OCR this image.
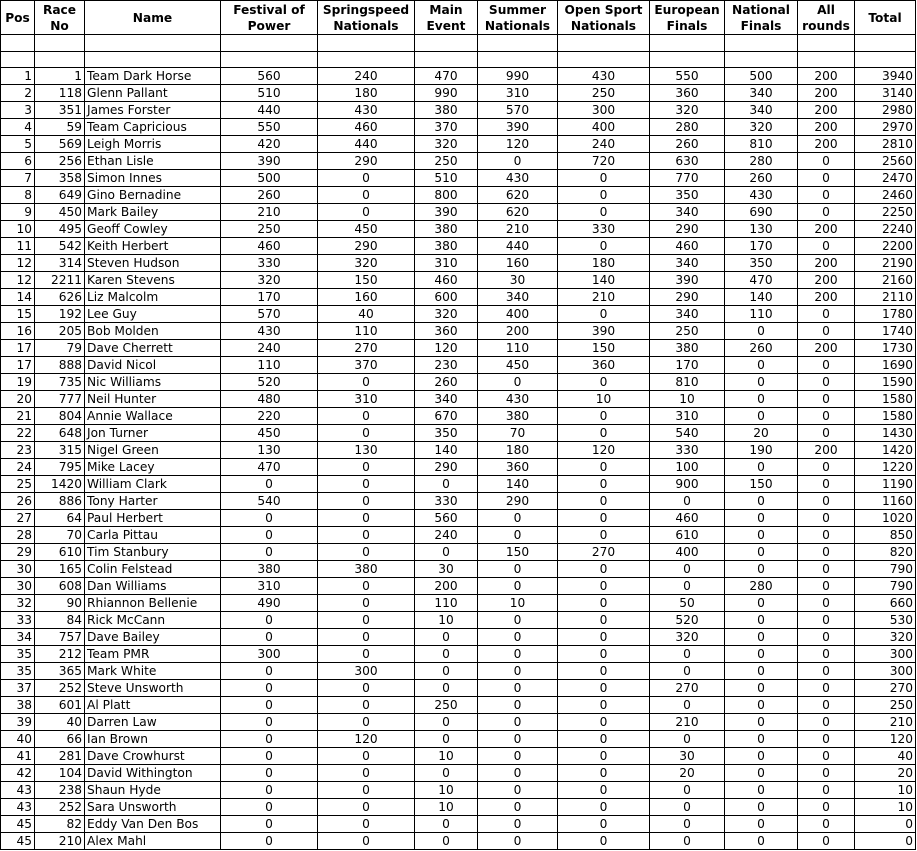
Pos	Race No	Name	Festival of Power	Springspeed Nationals	Main Event	Summer Nationals	Open Sport Nationals	European Finals	National Finals	All rounds	Total

1	1	Team Dark Horse	560	240	470	990	430	550	500	200	3940
2	118	Glenn Pallant	510	180	990	310	250	360	340	200	3140
3	351	James Forster	440	430	380	570	300	320	340	200	2980
4	59	Team Capricious	550	460	370	390	400	280	320	200	2970
5	569	Leigh Morris	420	440	320	120	240	260	810	200	2810
6	256	Ethan Lisle	390	290	250	0	720	630	280	0	2560
7	358	Simon Innes	500	0	510	430	0	770	260	0	2470
8	649	Gino Bernadine	260	0	800	620	0	350	430	0	2460
9	450	Mark Bailey	210	0	390	620	0	340	690	0	2250
10	495	Geoff Cowley	250	450	380	210	330	290	130	200	2240
11	542	Keith Herbert	460	290	380	440	0	460	170	0	2200
12	314	Steven Hudson	330	320	310	160	180	340	350	200	2190
12	2211	Karen Stevens	320	150	460	30	140	390	470	200	2160
14	626	Liz Malcolm	170	160	600	340	210	290	140	200	2110
15	192	Lee Guy	570	40	320	400	0	340	110	0	1780
16	205	Bob Molden	430	110	360	200	390	250	0	0	1740
17	79	Dave Cherrett	240	270	120	110	150	380	260	200	1730
17	888	David Nicol	110	370	230	450	360	170	0	0	1690
19	735	Nic Williams	520	0	260	0	0	810	0	0	1590
20	777	Neil Hunter	480	310	340	430	10	10	0	0	1580
21	804	Annie Wallace	220	0	670	380	0	310	0	0	1580
22	648	Jon Turner	450	0	350	70	0	540	20	0	1430
23	315	Nigel Green	130	130	140	180	120	330	190	200	1420
24	795	Mike Lacey	470	0	290	360	0	100	0	0	1220
25	1420	William Clark	0	0	0	140	0	900	150	0	1190
26	886	Tony Harter	540	0	330	290	0	0	0	0	1160
27	64	Paul Herbert	0	0	560	0	0	460	0	0	1020
28	70	Carla Pittau	0	0	240	0	0	610	0	0	850
29	610	Tim Stanbury	0	0	0	150	270	400	0	0	820
30	165	Colin Felstead	380	380	30	0	0	0	0	0	790
30	608	Dan Williams	310	0	200	0	0	0	280	0	790
32	90	Rhiannon Bellenie	490	0	110	10	0	50	0	0	660
33	84	Rick McCann	0	0	10	0	0	520	0	0	530
34	757	Dave Bailey	0	0	0	0	0	320	0	0	320
35	212	Team PMR	300	0	0	0	0	0	0	0	300
35	365	Mark White	0	300	0	0	0	0	0	0	300
37	252	Steve Unsworth	0	0	0	0	0	270	0	0	270
38	601	Al Platt	0	0	250	0	0	0	0	0	250
39	40	Darren Law	0	0	0	0	0	210	0	0	210
40	66	Ian Brown	0	120	0	0	0	0	0	0	120
41	281	Dave Crowhurst	0	0	10	0	0	30	0	0	40
42	104	David Withington	0	0	0	0	0	20	0	0	20
43	238	Shaun Hyde	0	0	10	0	0	0	0	0	10
43	252	Sara Unsworth	0	0	10	0	0	0	0	0	10
45	82	Eddy Van Den Bos	0	0	0	0	0	0	0	0	0
45	210	Alex Mahl	0	0	0	0	0	0	0	0	0
